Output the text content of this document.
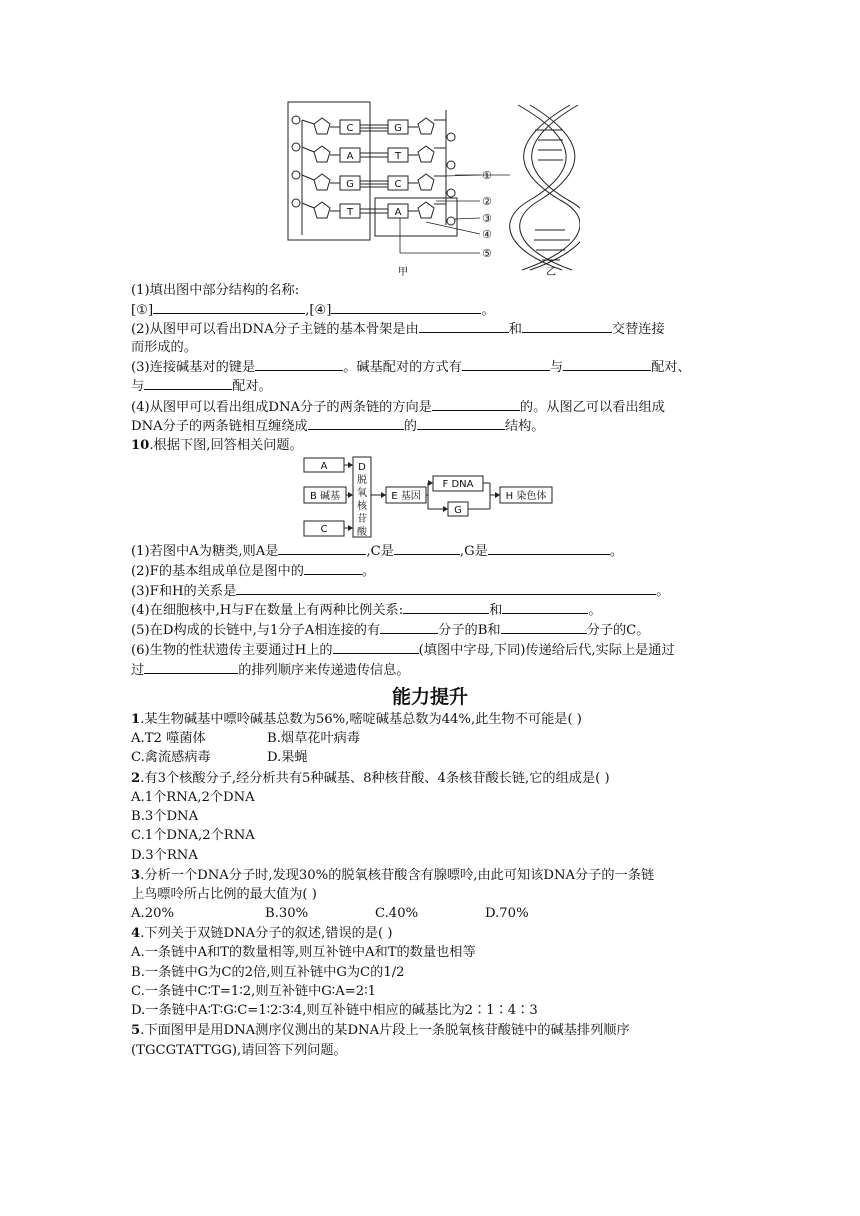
C
A
G
T
G
T
C
A
①
②
③
④
⑤
甲	乙
(1)填出图中部分结构的名称:
[①]	,[④]	。
(2)从图甲可以看出DNA分子主链的基本骨架是由	和	交替连接
而形成的。
(3)连接碱基对的键是	。碱基配对的方式有	与	配对、
与	配对。
(4)从图甲可以看出组成DNA分子的两条链的方向是	的。从图乙可以看出组成
DNA分子的两条链相互缠绕成	的	结构。
10.根据下图,回答相关问题。
A
B 碱基
C
D
脱
氧
核
苷
酸
E 基因
F DNA
G
H 染色体
(1)若图中A为糖类,则A是	,C是	,G是	。
(2)F的基本组成单位是图中的	。
(3)F和H的关系是	。
(4)在细胞核中,H与F在数量上有两种比例关系:	和	。
(5)在D构成的长链中,与1分子A相连接的有	分子的B和	分子的C。
(6)生物的性状遗传主要通过H上的	(填图中字母,下同)传递给后代,实际上是通过
过	的排列顺序来传递遗传信息。
能力提升
1.某生物碱基中嘌呤碱基总数为56%,嘧啶碱基总数为44%,此生物不可能是( )
A.T2 噬菌体	B.烟草花叶病毒
C.禽流感病毒	D.果蝇
2.有3个核酸分子,经分析共有5种碱基、8种核苷酸、4条核苷酸长链,它的组成是( )
A.1个RNA,2个DNA
B.3个DNA
C.1个DNA,2个RNA
D.3个RNA
3.分析一个DNA分子时,发现30%的脱氧核苷酸含有腺嘌呤,由此可知该DNA分子的一条链
上鸟嘌呤所占比例的最大值为( )
A.20%	B.30%	C.40%	D.70%
4.下列关于双链DNA分子的叙述,错误的是( )
A.一条链中A和T的数量相等,则互补链中A和T的数量也相等
B.一条链中G为C的2倍,则互补链中G为C的1/2
C.一条链中C∶T=1∶2,则互补链中G∶A=2∶1
D.一条链中A∶T∶G∶C=1∶2∶3∶4,则互补链中相应的碱基比为2∶1∶4∶3
5.下面图甲是用DNA测序仪测出的某DNA片段上一条脱氧核苷酸链中的碱基排列顺序
(TGCGTATTGG),请回答下列问题。
